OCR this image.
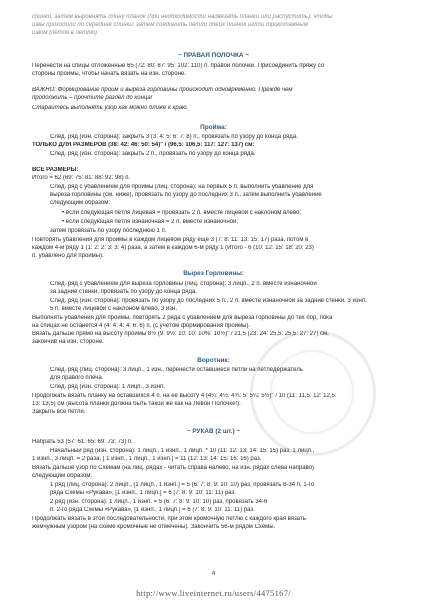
спинки: затем выровнять длину планок (при необходимости надвязать планки или распустить), чтобы
швы проходили по середине спинки; затем соединить петли обеих планок иглой трикотажным
швом (петля в петлю).
~ ПРАВАЯ ПОЛОЧКА ~
Перенести на спицы отложенные 65 (72: 80: 87: 95: 102: 110) п. правой полочки. Присоединить пряжу со
стороны проймы, чтобы начать вязать на изн. стороне.
ВАЖНО: Формирование пройм и выреза горловины происходит одновременно. Прежде чем
продолжить – прочтите раздел до конца!
Старайтесь выполнять узор как можно ближе к краю.
Пройма:
След. ряд (изн. сторона): закрыть 3 (3: 4: 5: 6: 7: 8) п., провязать по узору до конца ряда.
ТОЛЬКО ДЛЯ РАЗМЕРОВ (38: 42: 46: 50: 54)" / (96,5: 106,5: 117: 127: 137) см:
След. ряд (изн. сторона): закрыть 2 п., провязать по узору до конца ряда.
ВСЕ РАЗМЕРЫ:
Итого = 62 (69: 75: 81: 88: 92: 98) п.
След. ряд с убавлением для проймы (лиц. сторона): на первых 5 п. выполнить убавление для
выреза горловины (см. ниже), провязать по узору до последних 3 п., затем выполнить убавление
следующим образом:
• если следующая петля лицевая = провязать 2 п. вместе лицевой с наклоном влево;
• если следующая петля изнаночная = 2 п. вместе изнаночной;
затем провязать по узору последнюю 1 п.
Повторять убавления для проймы в каждом лицевом ряду ещё 3 (7: 8: 11: 13: 15: 17) раза, потом в
каждом 4-м ряду 1 (1: 2: 2: 3: 3: 4) раза, а затем в каждом 6-м ряду 1 (Итого - 6 (10: 12: 15: 18: 20: 23)
п. убавлено для проймы).
Вырез Горловины:
След. ряд с убавлением для выреза горловины (лиц. сторона): 3 лицп., 2 п. вместе изнаночной
за задние стенки, провязать по узору до конца ряда.
След. ряд (изн. сторона): провязать по узору до последних 5 п., 2 п. вместе изнаночной за задние стенки, 3 изнп.
5 п. вместе лицевой с наклоном влево, 3 изн.
Выполнять убавления для проймы, повторять 2 ряда с убавлением для выреза горловины до тех пор, пока
на спицах не останется 4 (4: 4: 4: 4: 6: 6) п. (с учётом формирования проймы).
Вязать дальше прямо на высоту проймы 8½ (9: 9½: 10: 10: 10%: 10½)" / 21,5 (23: 24: 25,5: 25,5: 27: 27) см,
закончив на изн. стороне.
Воротник:
След. ряд (лиц. сторона): 3 лицп., 1 изн., перенести оставшиеся петли на петледержатель
для правого плеча.
След. ряд (изн. сторона): 1 лицп., 3 изнп.
Продолжать вязать планку на оставшихся 4 п. на её высоту 4 (4¼: 4½: 4¾: 5: 5¼: 5½)" / 10 (11: 11,5: 12: 12,5:
13: 13,5) см (высота планки должна быть такой же как на Левой Полочке!).
Закрыть все петли.
~ РУКАВ (2 шт.) ~
Набрать 53 (57: 61: 65: 69: 73: 73) п.
Начальный ряд (изн. сторона): 1 лицп., 1 изнп., 1 лицп. * 10 (11: 12: 13: 14: 15: 15) раз, 1 лицп.,
1 изнп., 3 лицп. = 2 раза, [ 1 изнп., 1 лицп., 1 изнп.] = 11 (12: 13: 14: 15: 16: 16) раз.
Вязать дальше узор по Схемам (на лиц. рядах - читать справа налево; на изн. рядах слева направо)
следующим образом:
1 ряд (лиц. сторона): 2 лицп., [1 лицп., 1 изнп.] = 5 (6: 7: 8: 9: 10: 10) раз, провязать 6-34 п. 1-го
ряда Схемы «Рукава», [1 изнп., 1 лицп.] = 6 (7: 8: 9: 10: 11: 11) раз.
2 ряд (изн. сторона): 1 лицп., 1 изнп. = 5 (6: 7: 8: 9: 10: 10) раз, провязать 34-6
п. 2-го ряда Схемы «Рукава», [1 изнп., 1 лицп.] = 6 (7: 8: 9: 10: 11: 11) раз.
Продолжать вязать в этой последовательности, при этом кромочную петлю с каждого края вязать
жемчужным узором (на схеме кромочные не отмечены). Закончить 56-м рядом Схемы.
4
http://www.liveinternet.ru/users/4475167/
